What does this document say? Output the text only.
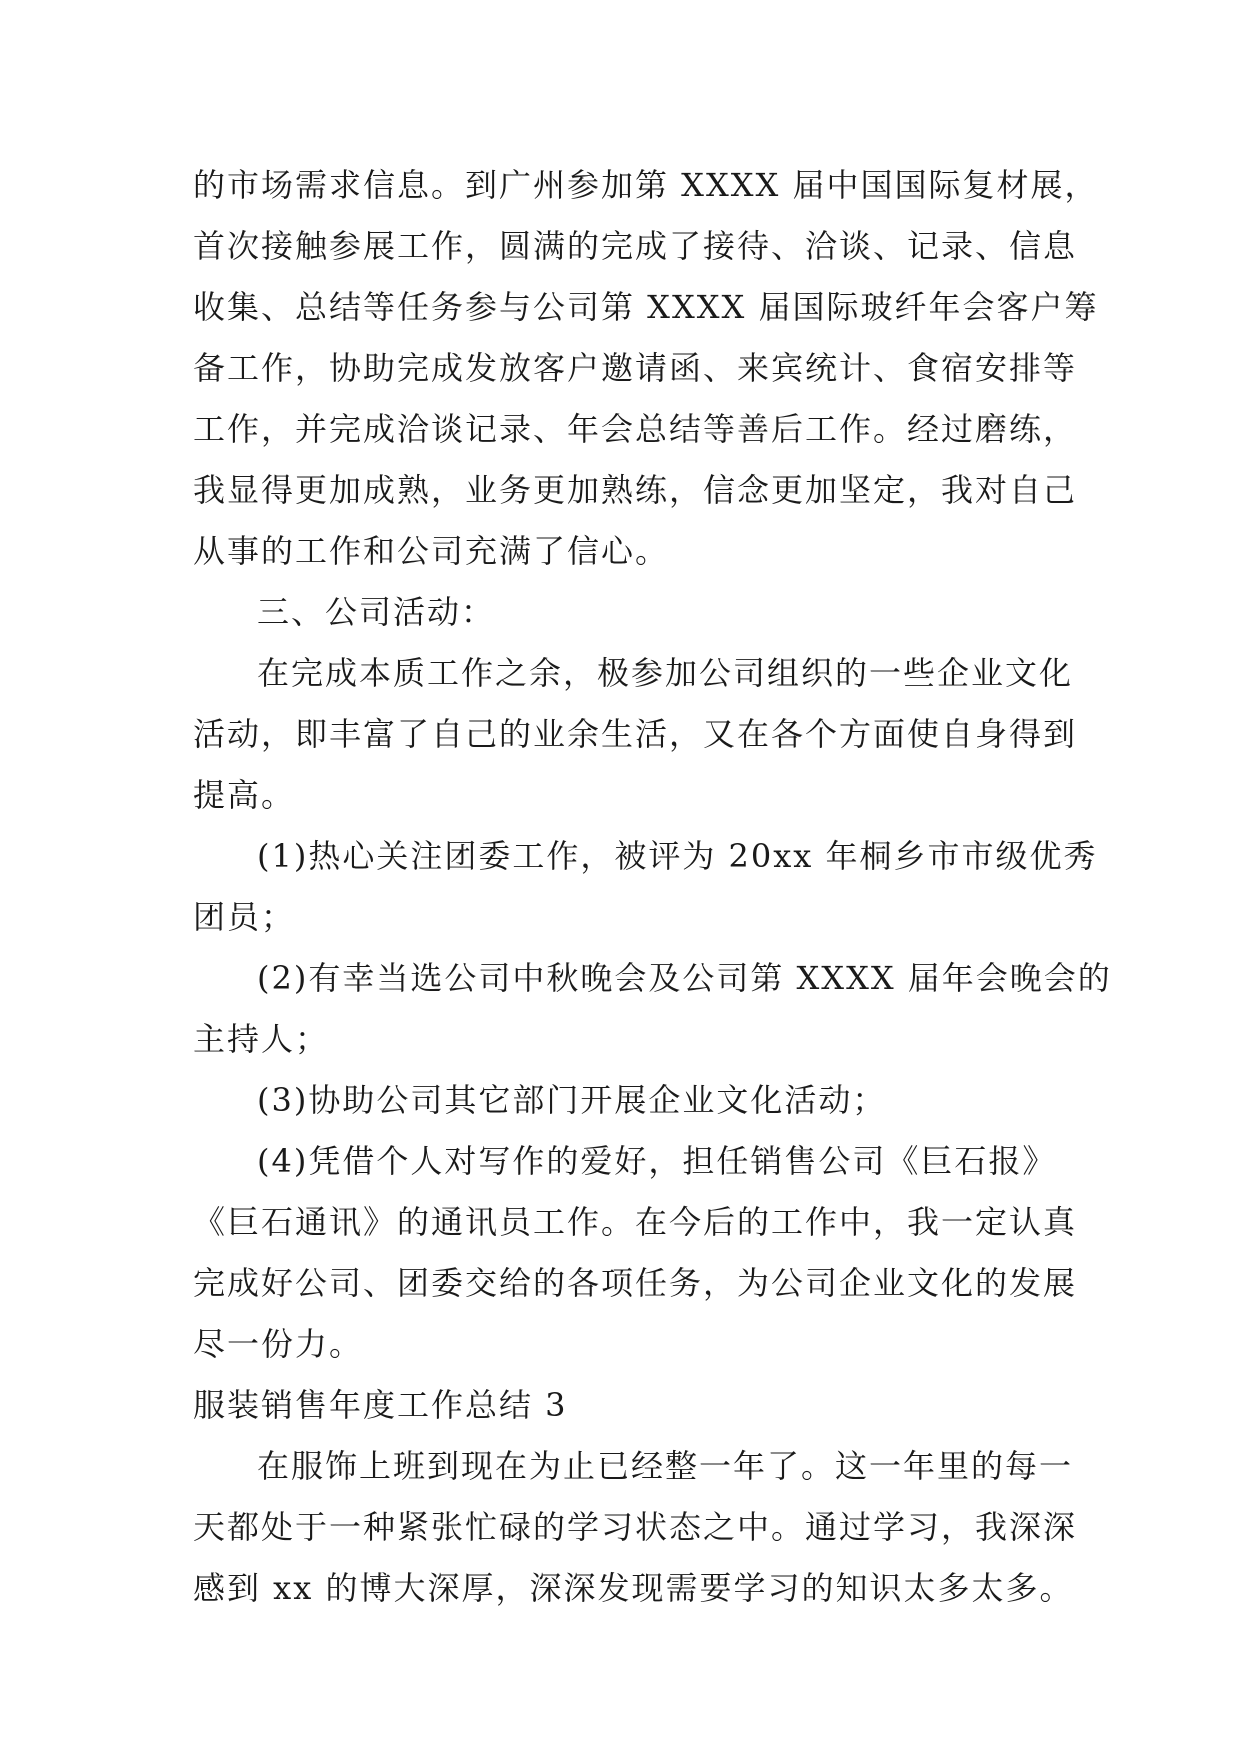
的市场需求信息。到广州参加第 XXXX 届中国国际复材展，
首次接触参展工作，圆满的完成了接待、洽谈、记录、信息
收集、总结等任务参与公司第 XXXX 届国际玻纤年会客户筹
备工作，协助完成发放客户邀请函、来宾统计、食宿安排等
工作，并完成洽谈记录、年会总结等善后工作。经过磨练，
我显得更加成熟，业务更加熟练，信念更加坚定，我对自己
从事的工作和公司充满了信心。
三、公司活动：
在完成本质工作之余，极参加公司组织的一些企业文化
活动，即丰富了自己的业余生活，又在各个方面使自身得到
提高。
(1)热心关注团委工作，被评为 20xx 年桐乡市市级优秀
团员；
(2)有幸当选公司中秋晚会及公司第 XXXX 届年会晚会的
主持人；
(3)协助公司其它部门开展企业文化活动；
(4)凭借个人对写作的爱好，担任销售公司《巨石报》
《巨石通讯》的通讯员工作。在今后的工作中，我一定认真
完成好公司、团委交给的各项任务，为公司企业文化的发展
尽一份力。
服装销售年度工作总结 3
在服饰上班到现在为止已经整一年了。这一年里的每一
天都处于一种紧张忙碌的学习状态之中。通过学习，我深深
感到 xx 的博大深厚，深深发现需要学习的知识太多太多。
